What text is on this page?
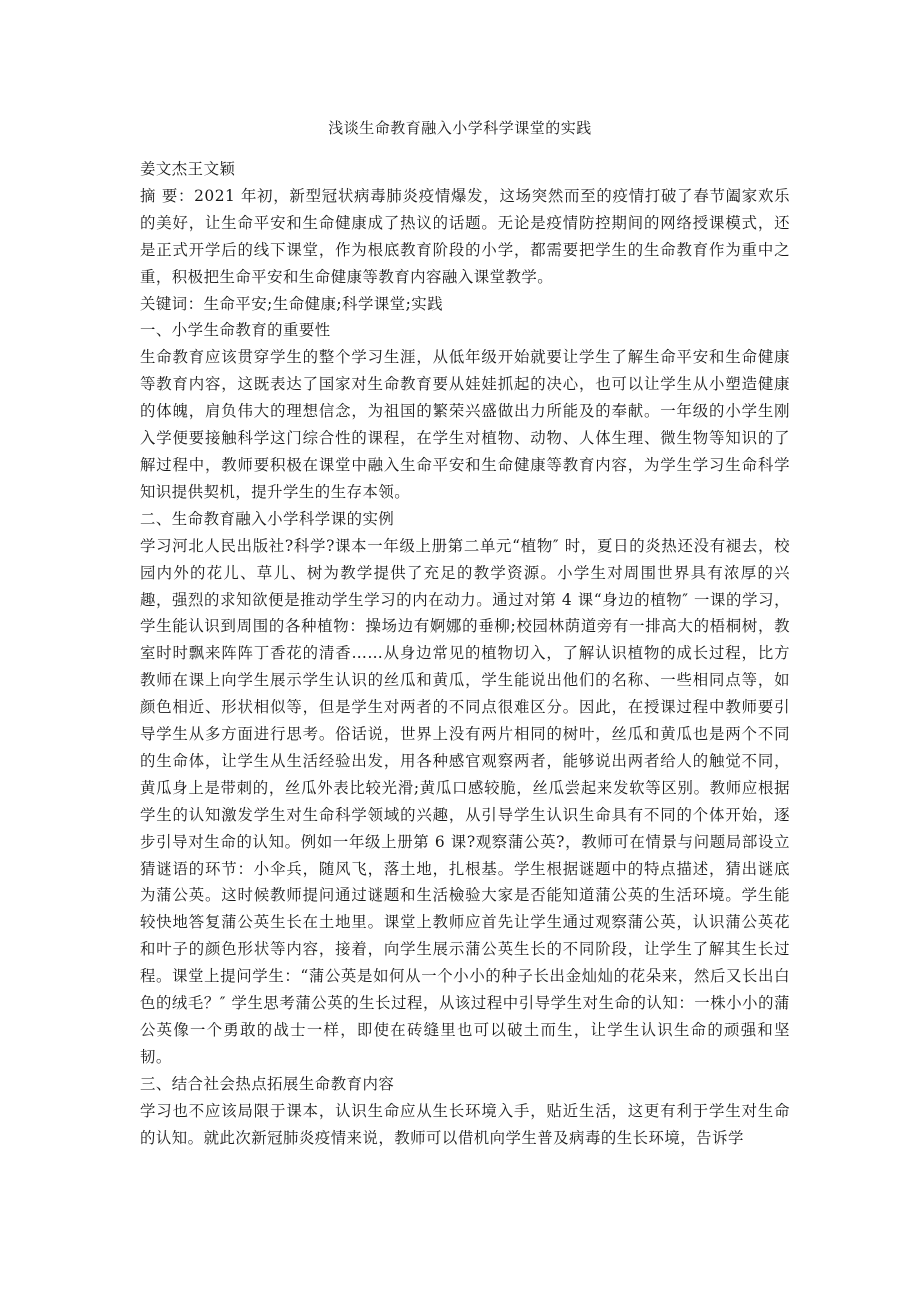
浅谈生命教育融入小学科学课堂的实践

姜文杰王文颖

摘 要：2021 年初，新型冠状病毒肺炎疫情爆发，这场突然而至的疫情打破了春节阖家欢乐的美好，让生命平安和生命健康成了热议的话题。无论是疫情防控期间的网络授课模式，还是正式开学后的线下课堂，作为根底教育阶段的小学，都需要把学生的生命教育作为重中之重，积极把生命平安和生命健康等教育内容融入课堂教学。

关键词：生命平安;生命健康;科学课堂;实践

一、小学生命教育的重要性

生命教育应该贯穿学生的整个学习生涯，从低年级开始就要让学生了解生命平安和生命健康等教育内容，这既表达了国家对生命教育要从娃娃抓起的决心，也可以让学生从小塑造健康的体魄，肩负伟大的理想信念，为祖国的繁荣兴盛做出力所能及的奉献。一年级的小学生刚入学便要接触科学这门综合性的课程，在学生对植物、动物、人体生理、微生物等知识的了解过程中，教师要积极在课堂中融入生命平安和生命健康等教育内容，为学生学习生命科学知识提供契机，提升学生的生存本领。

二、生命教育融入小学科学课的实例

学习河北人民出版社?科学?课本一年级上册第二单元“植物″ 时，夏日的炎热还没有褪去，校园内外的花儿、草儿、树为教学提供了充足的教学资源。小学生对周围世界具有浓厚的兴趣，强烈的求知欲便是推动学生学习的内在动力。通过对第 4 课“身边的植物″ 一课的学习，学生能认识到周围的各种植物：操场边有婀娜的垂柳;校园林荫道旁有一排高大的梧桐树，教室时时飘来阵阵丁香花的清香……从身边常见的植物切入，了解认识植物的成长过程，比方教师在课上向学生展示学生认识的丝瓜和黄瓜，学生能说出他们的名称、一些相同点等，如颜色相近、形状相似等，但是学生对两者的不同点很难区分。因此，在授课过程中教师要引导学生从多方面进行思考。俗话说，世界上没有两片相同的树叶，丝瓜和黄瓜也是两个不同的生命体，让学生从生活经验出发，用各种感官观察两者，能够说出两者给人的触觉不同，黄瓜身上是带刺的，丝瓜外表比较光滑;黄瓜口感较脆，丝瓜尝起来发软等区别。教师应根据学生的认知激发学生对生命科学领域的兴趣，从引导学生认识生命具有不同的个体开始，逐步引导对生命的认知。例如一年级上册第 6 课?观察蒲公英?，教师可在情景与问题局部设立猜谜语的环节：小伞兵，随风飞，落土地，扎根基。学生根据谜题中的特点描述，猜出谜底为蒲公英。这时候教师提问通过谜题和生活檢验大家是否能知道蒲公英的生活环境。学生能较快地答复蒲公英生长在土地里。课堂上教师应首先让学生通过观察蒲公英，认识蒲公英花和叶子的颜色形状等内容，接着，向学生展示蒲公英生长的不同阶段，让学生了解其生长过程。课堂上提问学生：“蒲公英是如何从一个小小的种子长出金灿灿的花朵来，然后又长出白色的绒毛？″ 学生思考蒲公英的生长过程，从该过程中引导学生对生命的认知：一株小小的蒲公英像一个勇敢的战士一样，即使在砖缝里也可以破土而生，让学生认识生命的顽强和坚韧。

三、结合社会热点拓展生命教育内容

学习也不应该局限于课本，认识生命应从生长环境入手，贴近生活，这更有利于学生对生命的认知。就此次新冠肺炎疫情来说，教师可以借机向学生普及病毒的生长环境，告诉学
